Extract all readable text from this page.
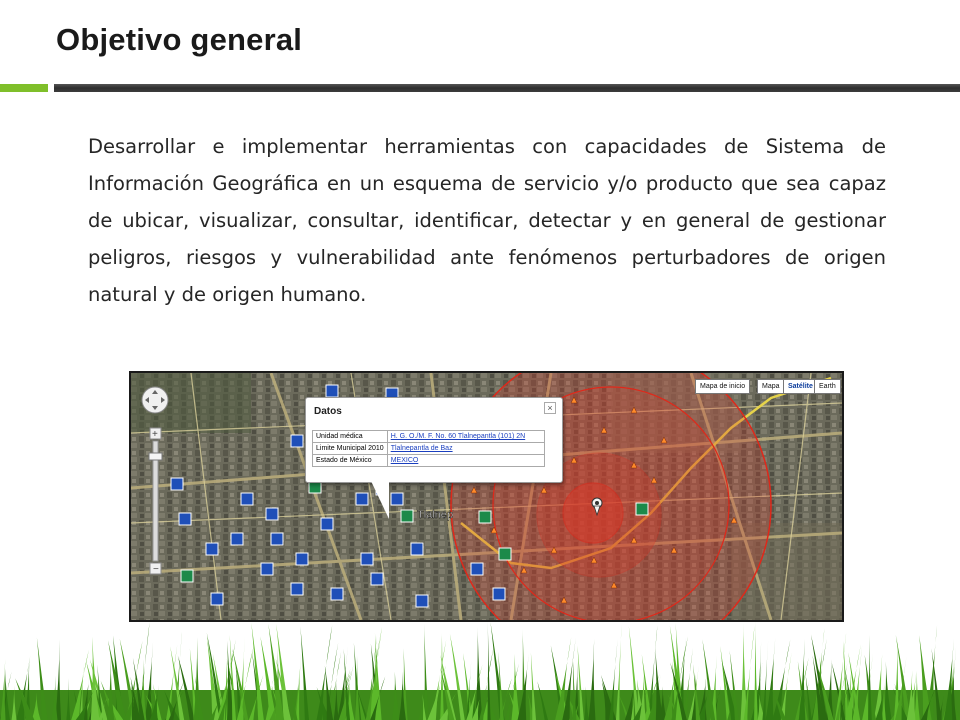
Objetivo general

Desarrollar e implementar herramientas con capacidades de Sistema de Información Geográfica en un esquema de servicio y/o producto que sea capaz de ubicar, visualizar, consultar, identificar, detectar y en general de gestionar peligros, riesgos y vulnerabilidad ante fenómenos perturbadores de origen natural y de origen humano.

Tlalnep
+
−
Mapa de inicio	Mapa	Satélite Earth
Datos	×
Unidad médica	H. G. O./M. F. No. 60 Tlalnepantla (101) 2N
Limite Municipal 2010	Tlalnepantla de Baz
Estado de México	MEXICO
